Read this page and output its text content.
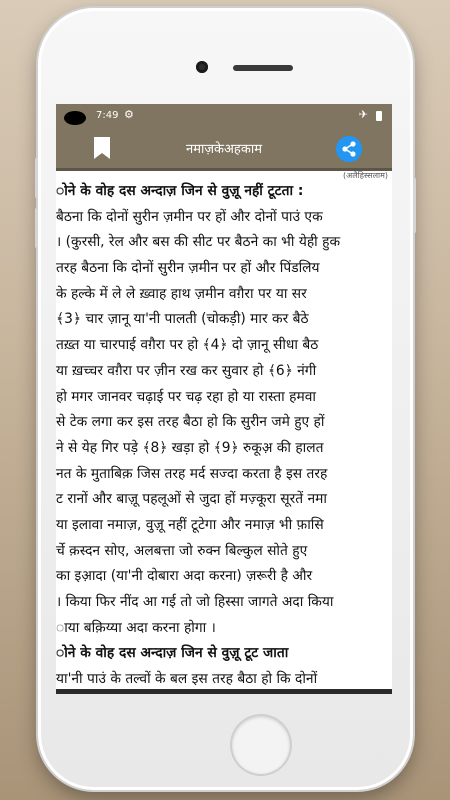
7:49 ⚙	✈
नमाज़केअहकाम
(अलैहिस्सलाम)
ोने के वोह दस अन्दाज़ जिन से वुज़ू नहीं टूटता :
बैठना कि दोनों सुरीन ज़मीन पर हों और दोनों पाउं एक
। (कुरसी, रेल और बस की सीट पर बैठने का भी येही हुक
तरह बैठना कि दोनों सुरीन ज़मीन पर हों और पिंडलिय
के हल्के में ले ले ख़्वाह हाथ ज़मीन वग़ैरा पर या सर
﴾3﴿ चार ज़ानू या'नी पालती (चोकड़ी) मार कर बैठे
तख़्त या चारपाई वग़ैरा पर हो ﴾4﴿ दो ज़ानू सीधा बैठ
या ख़च्चर वग़ैरा पर ज़ीन रख कर सुवार हो ﴾6﴿ नंगी
हो मगर जानवर चढ़ाई पर चढ़ रहा हो या रास्ता हमवा
से टेक लगा कर इस तरह बैठा हो कि सुरीन जमे हुए हों
ने से येह गिर पड़े ﴾8﴿ खड़ा हो ﴾9﴿ रुकूअ़ की हालत
नत के मुताबिक़ जिस तरह मर्द सज्दा करता है इस तरह
ट रानों और बाज़ू पहलूओं से जुदा हों मज़्कूरा सूरतें नमा
या इलावा नमाज़, वुज़ू नहीं टूटेगा और नमाज़ भी फ़ासि
र्चे क़स्दन सोए, अलबत्ता जो रुक्न बिल्कुल सोते हुए
का इआ़दा (या'नी दोबारा अदा करना) ज़रूरी है और
। किया फिर नींद आ गई तो जो हिस्सा जागते अदा किया
ाया बक़िय्या अदा करना होगा ।
ोने के वोह दस अन्दाज़ जिन से वुज़ू टूट जाता
या'नी पाउं के तल्वों के बल इस तरह बैठा हो कि दोनों
